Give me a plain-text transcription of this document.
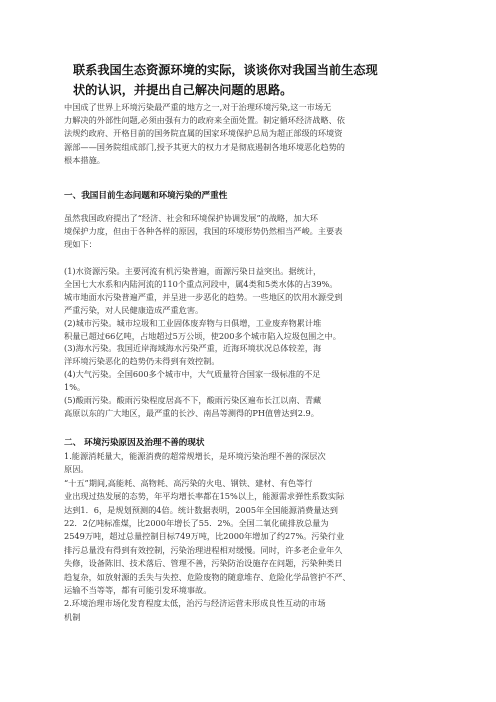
联系我国生态资源环境的实际，谈谈你对我国当前生态现
状的认识，并提出自己解决问题的思路。
中国成了世界上环境污染最严重的地方之一,对于治理环境污染,这一市场无
力解决的外部性问题,必须由强有力的政府来全面处置。制定循环经济战略、依
法规约政府、开格目前的国务院直属的国家环境保护总局为超正部级的环境资
源部——国务院组成部门,授予其更大的权力才是彻底遏制各地环境恶化趋势的
根本措施。
一、我国目前生态问题和环境污染的严重性
虽然我国政府提出了“经济、社会和环境保护协调发展”的战略，加大环
境保护力度，但由于各种各样的原因，我国的环境形势仍然相当严峻。主要表
现如下：
(1)水资源污染。主要河流有机污染普遍，面源污染日益突出。据统计，
全国七大水系和内陆河流的110个重点河段中，属4类和5类水体的占39%。
城市地面水污染普遍严重，并呈进一步恶化的趋势。一些地区的饮用水源受到
严重污染，对人民健康造成严重危害。
(2)城市污染。城市垃圾和工业固体废弃物与日俱增，工业废弃物累计堆
积量已超过66亿吨，占地超过5万公顷，使200多个城市陷入垃圾包围之中。
(3)海水污染。我国近岸海域海水污染严重，近海环境状况总体较差，海
洋环境污染恶化的趋势仍未得到有效控制。
(4)大气污染。全国600多个城市中，大气质量符合国家一级标准的不足
1%。
(5)酸雨污染。酸雨污染程度居高不下，酸雨污染区遍布长江以南、青藏
高原以东的广大地区，最严重的长沙、南昌等测得的PH值曾达到2.9。
二、 环境污染原因及治理不善的现状
1.能源消耗量大，能源消费的超常规增长，是环境污染治理不善的深层次
原因。
“十五”期间,高能耗、高物耗、高污染的火电、钢铁、建材、有色等行
业出现过热发展的态势，年平均增长率都在15%以上，能源需求弹性系数实际
达到1．6，是规划预测的4倍。统计数据表明，2005年全国能源消费量达到
22．2亿吨标准煤，比2000年增长了55．2%。全国二氧化硫排放总量为
2549万吨，超过总量控制目标749万吨，比2000年增加了约27%。污染行业
排污总量没有得到有效控制，污染治理进程相对缓慢。同时，许多老企业年久
失修，设备陈旧、技术落后、管理不善，污染防治设施存在问题，污染种类日
趋复杂，如放射源的丢失与失控、危险废物的随意堆存、危险化学品管护不严、
运输不当等等，都有可能引发环境事故。
2.环境治理市场化发育程度太低，治污与经济运营未形成良性互动的市场
机制
